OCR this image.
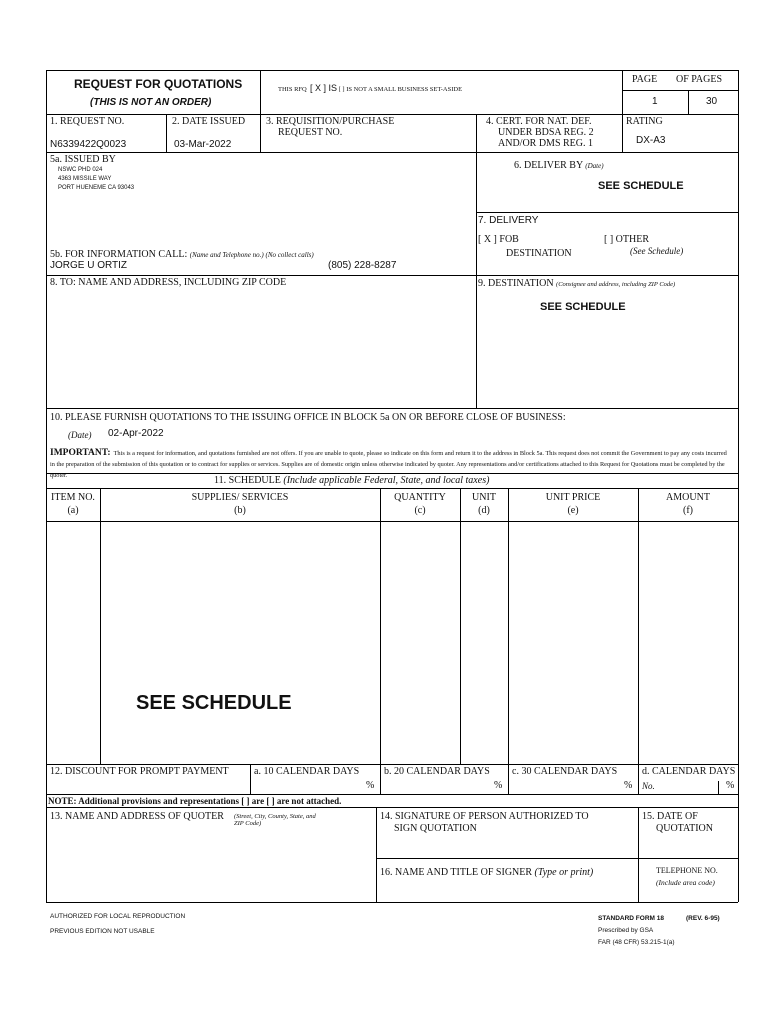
REQUEST FOR QUOTATIONS
(THIS IS NOT AN ORDER)
THIS RFQ [ X ] IS [ ] IS NOT A SMALL BUSINESS SET-ASIDE
PAGE OF PAGES
1	30
1. REQUEST NO.
N6339422Q0023
2. DATE ISSUED
03-Mar-2022
3. REQUISITION/PURCHASE
REQUEST NO.
4. CERT. FOR NAT. DEF.
UNDER BDSA REG. 2
AND/OR DMS REG. 1
RATING
DX-A3
5a. ISSUED BY
NSWC PHD 024
4363 MISSILE WAY
PORT HUENEME CA 93043
6. DELIVER BY (Date)
SEE SCHEDULE
7. DELIVERY
[ X ] FOB
DESTINATION
[ ] OTHER
(See Schedule)
5b. FOR INFORMATION CALL: (Name and Telephone no.) (No collect calls)
JORGE U ORTIZ	(805) 228-8287
8. TO: NAME AND ADDRESS, INCLUDING ZIP CODE	9. DESTINATION (Consignee and address, including ZIP Code)
SEE SCHEDULE
10. PLEASE FURNISH QUOTATIONS TO THE ISSUING OFFICE IN BLOCK 5a ON OR BEFORE CLOSE OF BUSINESS:
(Date) 02-Apr-2022
IMPORTANT: This is a request for information, and quotations furnished are not offers. If you are unable to quote, please so indicate on this form and return it to the address in Block 5a. This request does not commit the Government to pay any costs incurred in the preparation of the submission of this quotation or to contract for supplies or services. Supplies are of domestic origin unless otherwise indicated by quoter. Any representations and/or certifications attached to this Request for Quotations must be completed by the quoter.	11. SCHEDULE (Include applicable Federal, State, and local taxes)
ITEM NO.
(a)
SUPPLIES/ SERVICES
(b)
QUANTITY
(c)
UNIT
(d)
UNIT PRICE
(e)
AMOUNT
(f)
SEE SCHEDULE
12. DISCOUNT FOR PROMPT PAYMENT	a. 10 CALENDAR DAYS
%
b. 20 CALENDAR DAYS
%
c. 30 CALENDAR DAYS
%
d. CALENDAR DAYS
No.	%
NOTE: Additional provisions and representations [ ] are [ ] are not attached.
13. NAME AND ADDRESS OF QUOTER (Street, City, County, State, and
ZIP Code)
14. SIGNATURE OF PERSON AUTHORIZED TO
SIGN QUOTATION
15. DATE OF
QUOTATION
16. NAME AND TITLE OF SIGNER (Type or print)	TELEPHONE NO.
(Include area code)
AUTHORIZED FOR LOCAL REPRODUCTION
PREVIOUS EDITION NOT USABLE
STANDARD FORM 18	(REV. 6-95)
Prescribed by GSA
FAR (48 CFR) 53.215-1(a)
